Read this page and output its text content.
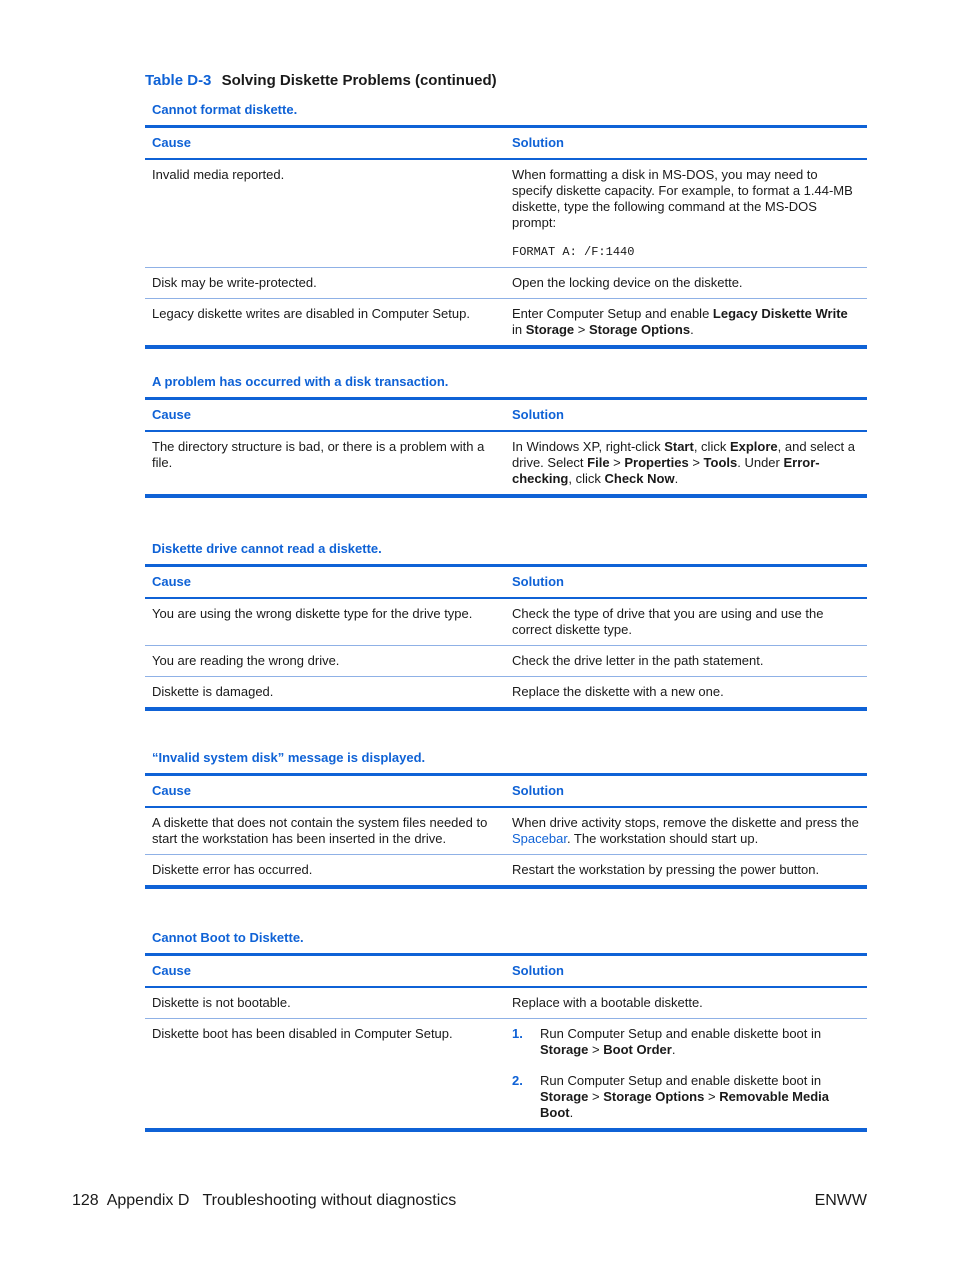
Table D-3 Solving Diskette Problems (continued)
Cannot format diskette.
Cause	Solution
Invalid media reported.	When formatting a disk in MS-DOS, you may need to specify diskette capacity. For example, to format a 1.44-MB diskette, type the following command at the MS-DOS prompt:
FORMAT A: /F:1440

Disk may be write-protected.	Open the locking device on the diskette.
Legacy diskette writes are disabled in Computer Setup.	Enter Computer Setup and enable Legacy Diskette Write in Storage > Storage Options.
A problem has occurred with a disk transaction.
Cause	Solution
The directory structure is bad, or there is a problem with a file.	In Windows XP, right-click Start, click Explore, and select a drive. Select File > Properties > Tools. Under Error-checking, click Check Now.
Diskette drive cannot read a diskette.
Cause	Solution
You are using the wrong diskette type for the drive type.	Check the type of drive that you are using and use the correct diskette type.
You are reading the wrong drive.	Check the drive letter in the path statement.
Diskette is damaged.	Replace the diskette with a new one.
“Invalid system disk” message is displayed.
Cause	Solution
A diskette that does not contain the system files needed to start the workstation has been inserted in the drive.	When drive activity stops, remove the diskette and press the Spacebar. The workstation should start up.
Diskette error has occurred.	Restart the workstation by pressing the power button.
Cannot Boot to Diskette.
Cause	Solution
Diskette is not bootable.	Replace with a bootable diskette.
Diskette boot has been disabled in Computer Setup.	1. Run Computer Setup and enable diskette boot in Storage > Boot Order.
2. Run Computer Setup and enable diskette boot in Storage > Storage Options > Removable Media Boot.
128  Appendix D   Troubleshooting without diagnostics	ENWW
